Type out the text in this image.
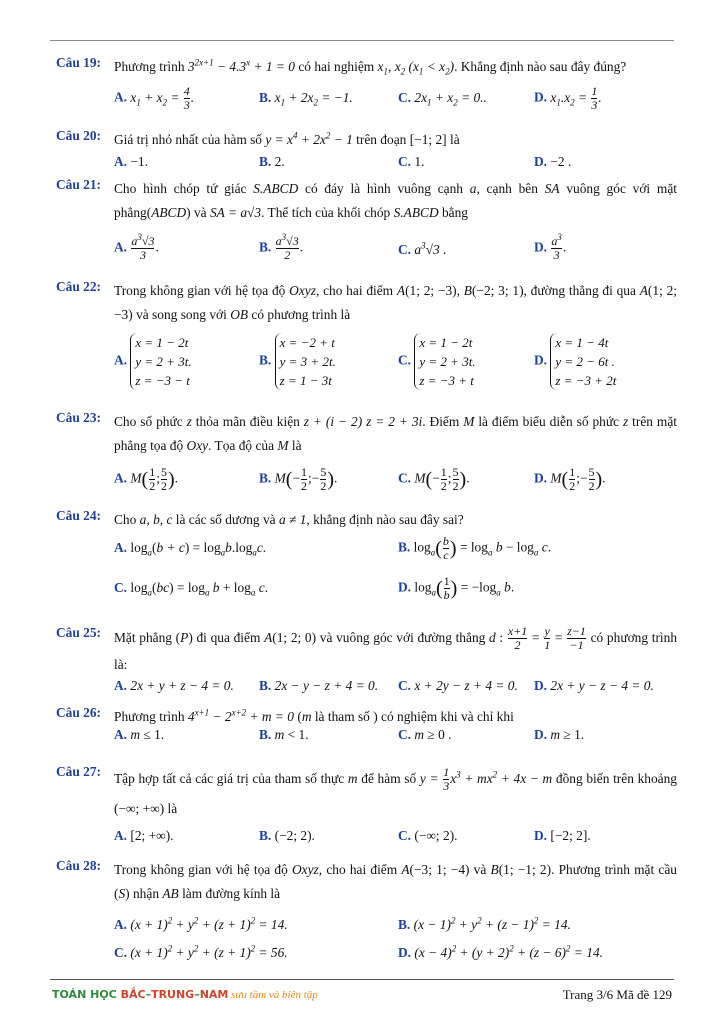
Câu 19: Phương trình $3^{2x+1} - 4.3^x + 1 = 0$ có hai nghiệm $x_1$, $x_2$ $(x_1 < x_2)$. Khẳng định nào sau đây đúng?
A. $x_1 + x_2 = \frac{4}{3}$ .	B. $x_1 + 2x_2 = -1$.	C. $2x_1 + x_2 = 0$..	D. $x_1.x_2 = \frac{1}{3}$ .
Câu 20: Giá trị nhỏ nhất của hàm số $y = x^4 + 2x^2 - 1$ trên đoạn [−1; 2] là
A. −1.	B. 2.	C. 1.	D. −2 .
Câu 21: Cho hình chóp tứ giác S.ABCD có đáy là hình vuông cạnh a, cạnh bên SA vuông góc với mặt phẳng(ABCD) và SA = a√3. Thể tích của khối chóp S.ABCD bằng
A. $\frac{a^3√3}{3}$ .	B. $\frac{a^3√3}{2}$ .	C. $a^3√3$ .	D. $\frac{a^3}{3}$ .
Câu 22: Trong không gian với hệ tọa độ Oxyz, cho hai điểm A(1; 2; −3), B(−2; 3; 1), đường thẳng đi qua A(1; 2; −3) và song song với OB có phương trình là
A. x = 1 − 2t
y = 2 + 3t.
z = −3 − t
B. x = −2 + t
y = 3 + 2t.
z = 1 − 3t
C. x = 1 − 2t
y = 2 + 3t.
z = −3 + t
D. x = 1 − 4t
y = 2 − 6t .
z = −3 + 2t
Câu 23: Cho số phức z thỏa mãn điều kiện z + (i − 2) z = 2 + 3i. Điểm M là điểm biểu diễn số phức z trên mặt phẳng tọa độ Oxy. Tọa độ của M là
A. $M( \frac{1}{2}$ ; $\frac{5}{2}$ ).	B. $M(- \frac{1}{2}$ ;− $\frac{5}{2}$ ).	C. $M(- \frac{1}{2}$ ; $\frac{5}{2}$ ).	D. $M( \frac{1}{2}$ ;− $\frac{5}{2}$ ).
Câu 24: Cho a, b, c là các số dương và a ≠ 1, khẳng định nào sau đây sai?
A. $\log_a(b + c) = \log_ab.\log_ac$.	B. $\log_a( \frac{b}{c}$ ) = $\log_a b - \log_a c$.
C. $\log_a(bc) = \log_a b + \log_a c$.	D. $\log_a( \frac{1}{b}$ ) = $-\log_a$ b.
Câu 25: Mặt phẳng (P) đi qua điểm A(1; 2; 0) và vuông góc với đường thẳng d : $\frac{x+1}{2} = \frac{y}{1} = \frac{z-1}{-1}$ có phương trình là:
A. 2x + y + z − 4 = 0. B. 2x − y − z + 4 = 0. C. x + 2y − z + 4 = 0. D. 2x + y − z − 4 = 0.
Câu 26: Phương trình $4^{x+1} - 2^{x+2} + m = 0$ (m là tham số ) có nghiệm khi và chỉ khi
A. m ≤ 1.	B. m < 1.	C. m ≥ 0 .	D. m ≥ 1.
Câu 27: Tập hợp tất cả các giá trị của tham số thực m để hàm số $y = \frac{1}{3} x^3 + mx^2 + 4x - m$ đồng biến trên khoảng (−∞; +∞) là
A. [2; +∞).	B. (−2; 2).	C. (−∞; 2).	D. [−2; 2].
Câu 28: Trong không gian với hệ tọa độ Oxyz, cho hai điểm A(−3; 1; −4) và B(1; −1; 2). Phương trình mặt cầu (S) nhận AB làm đường kính là
A. $(x + 1)^2 + y^2 + (z + 1)^2 = 14$.	B. $(x - 1)^2 + y^2 + (z - 1)^2 = 14$.
C. $(x + 1)^2 + y^2 + (z + 1)^2 = 56$.	D. $(x - 4)^2 + (y + 2)^2 + (z - 6)^2 = 14$.
TOÁN HỌC BẮC–TRUNG–NAM sưu tầm và biên tập	Trang 3/6 Mã đề 129
